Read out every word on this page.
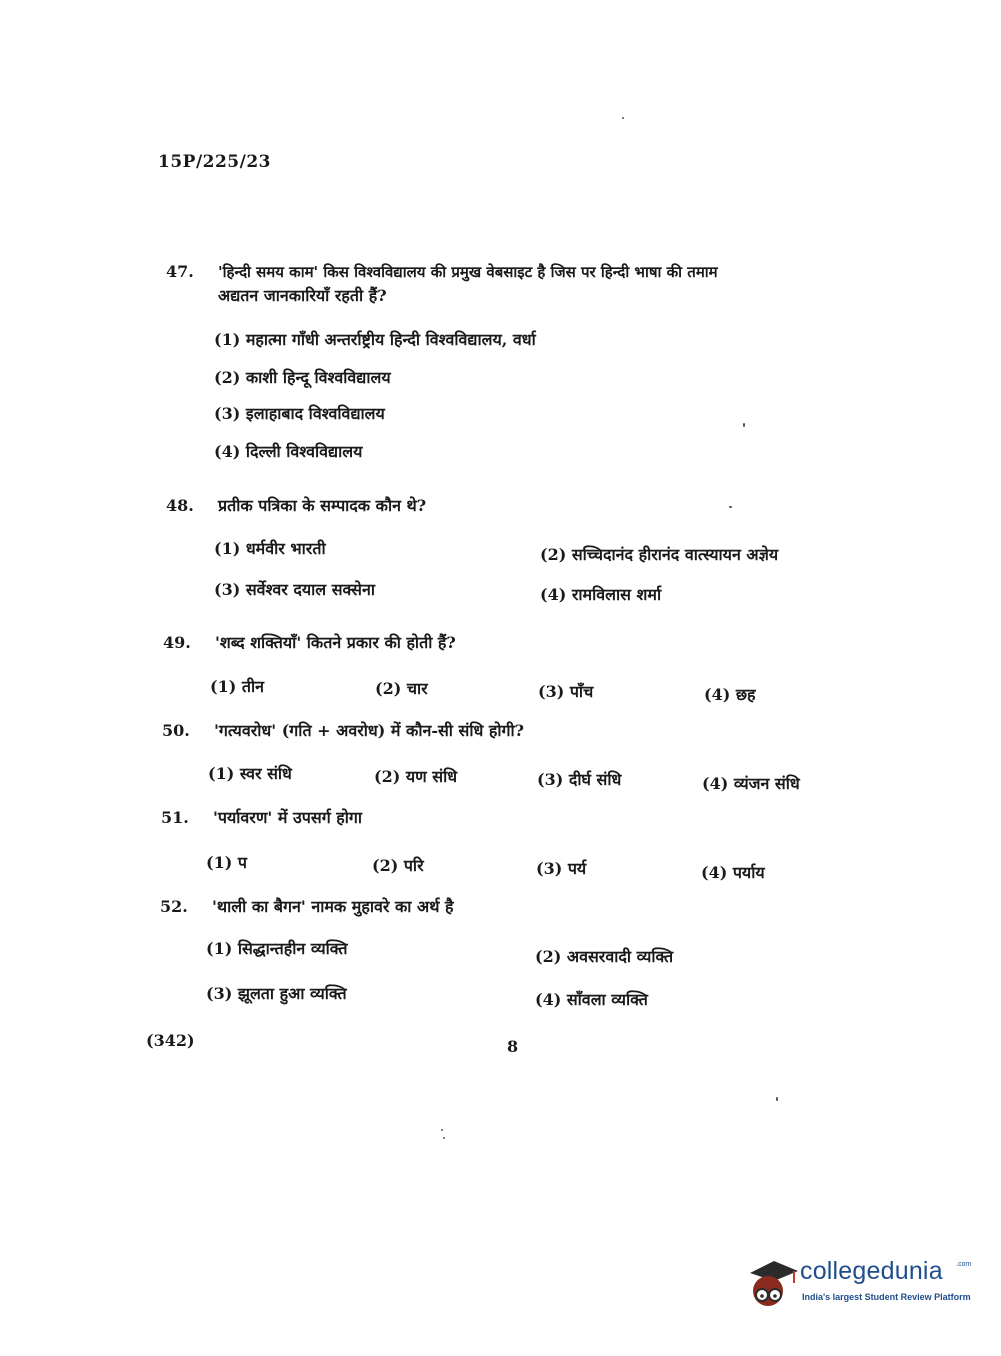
15P/225/23
47.	'हिन्दी समय काम' किस विश्वविद्यालय की प्रमुख वेबसाइट है जिस पर हिन्दी भाषा की तमाम
अद्यतन जानकारियाँ रहती हैं?
(1) महात्मा गाँधी अन्तर्राष्ट्रीय हिन्दी विश्वविद्यालय, वर्धा
(2) काशी हिन्दू विश्वविद्यालय
(3) इलाहाबाद विश्वविद्यालय
(4) दिल्ली विश्वविद्यालय
48.	प्रतीक पत्रिका के सम्पादक कौन थे?
(1) धर्मवीर भारती	(2) सच्चिदानंद हीरानंद वात्स्यायन अज्ञेय
(3) सर्वेश्वर दयाल सक्सेना	(4) रामविलास शर्मा
49.	'शब्द शक्तियाँ' कितने प्रकार की होती हैं?
(1) तीन	(2) चार	(3) पाँच	(4) छह
50.	'गत्यवरोध' (गति + अवरोध) में कौन-सी संधि होगी?
(1) स्वर संधि	(2) यण संधि	(3) दीर्घ संधि	(4) व्यंजन संधि
51.	'पर्यावरण' में उपसर्ग होगा
(1) प	(2) परि	(3) पर्य	(4) पर्याय
52.	'थाली का बैगन' नामक मुहावरे का अर्थ है
(1) सिद्धान्तहीन व्यक्ति	(2) अवसरवादी व्यक्ति
(3) झूलता हुआ व्यक्ति	(4) साँवला व्यक्ति
(342)	8
collegedunia .com
India's largest Student Review Platform
